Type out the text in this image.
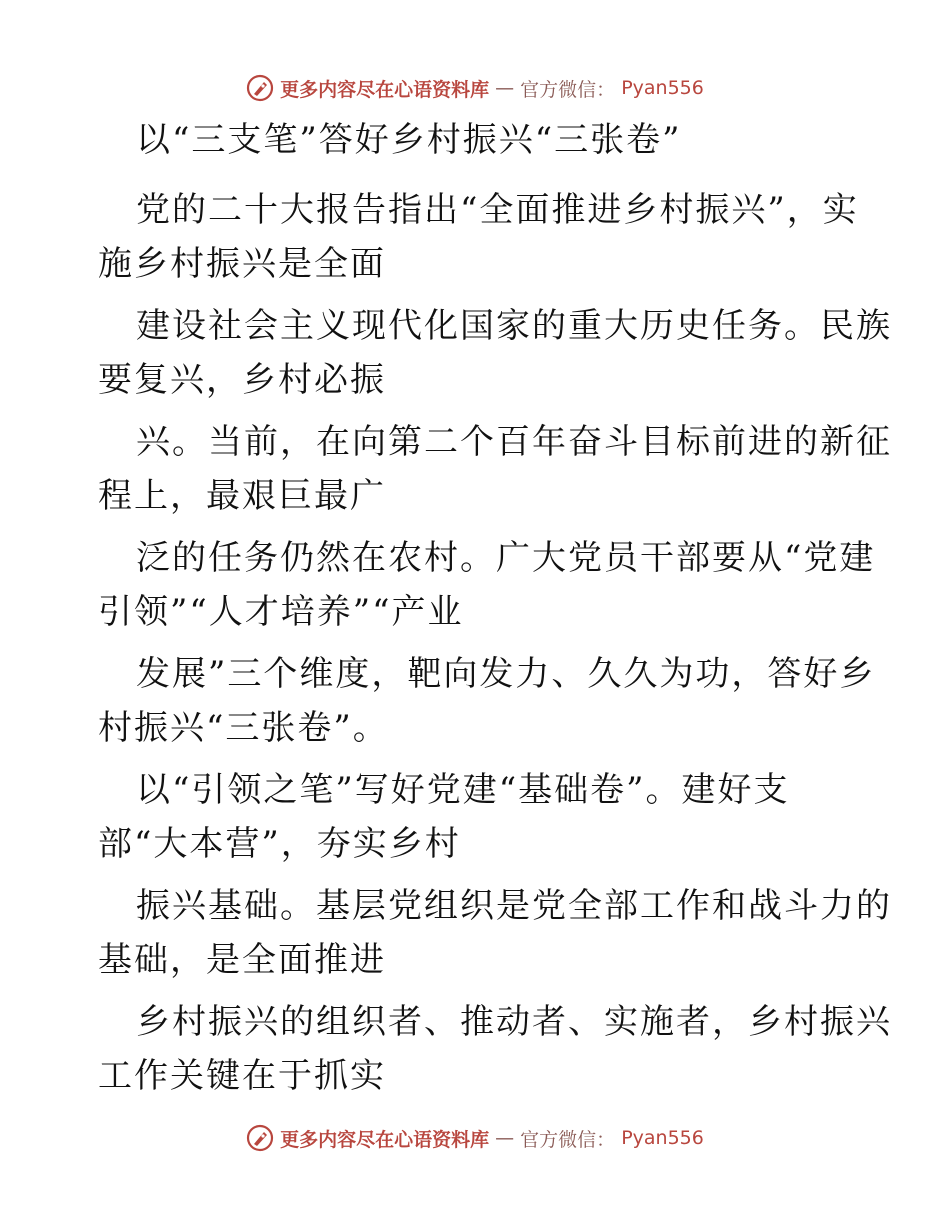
更多内容尽在心语资料库 — 官方微信： Pyan556
以“三支笔”答好乡村振兴“三张卷”
党的二十大报告指出“全面推进乡村振兴”，实
施乡村振兴是全面
建设社会主义现代化国家的重大历史任务。民族
要复兴，乡村必振
兴。当前，在向第二个百年奋斗目标前进的新征
程上，最艰巨最广
泛的任务仍然在农村。广大党员干部要从“党建
引领”“人才培养”“产业
发展”三个维度，靶向发力、久久为功，答好乡
村振兴“三张卷”。
以“引领之笔”写好党建“基础卷”。建好支
部“大本营”，夯实乡村
振兴基础。基层党组织是党全部工作和战斗力的
基础，是全面推进
乡村振兴的组织者、推动者、实施者，乡村振兴
工作关键在于抓实
更多内容尽在心语资料库 — 官方微信： Pyan556
